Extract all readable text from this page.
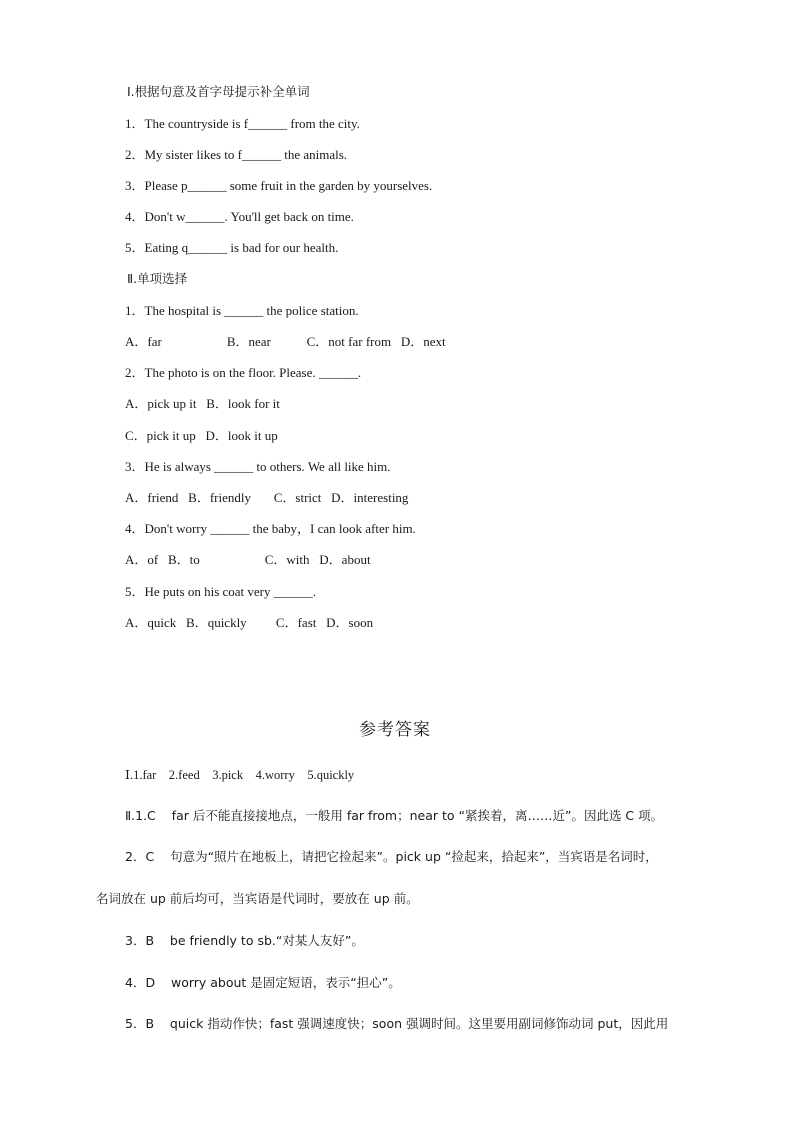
Ⅰ.根据句意及首字母提示补全单词
1．The countryside is f______ from the city.
2．My sister likes to f______ the animals.
3．Please p______ some fruit in the garden by yourselves.
4．Don't w______. You'll get back on time.
5．Eating q______ is bad for our health.
Ⅱ.单项选择
1．The hospital is ______ the police station.
A．far                    B．near           C．not far from   D．next
2．The photo is on the floor. Please. ______.
A．pick up it   B．look for it
C．pick it up   D．look it up
3．He is always ______ to others. We all like him.
A．friend   B．friendly       C．strict   D．interesting
4．Don't worry ______ the baby，I can look after him.
A．of   B．to                    C．with   D．about
5．He puts on his coat very ______.
A．quick   B．quickly         C．fast   D．soon
参考答案
Ⅰ.1.far    2.feed    3.pick    4.worry    5.quickly
Ⅱ.1.C    far 后不能直接接地点，一般用 far from；near to “紧挨着，离……近”。因此选 C 项。
2．C    句意为“照片在地板上，请把它捡起来”。pick up “捡起来，拾起来”，当宾语是名词时，
名词放在 up 前后均可，当宾语是代词时，要放在 up 前。
3．B    be friendly to sb.“对某人友好”。
4．D    worry about 是固定短语，表示“担心”。
5．B    quick 指动作快；fast 强调速度快；soon 强调时间。这里要用副词修饰动词 put，因此用
